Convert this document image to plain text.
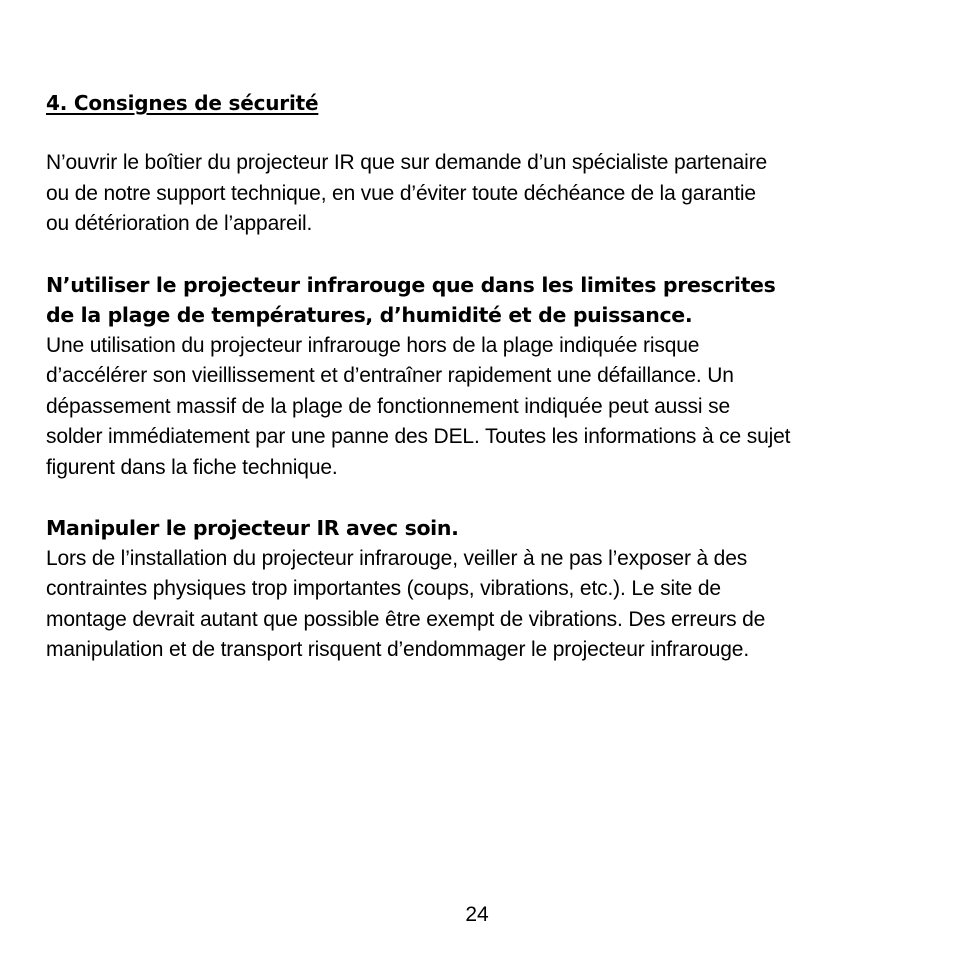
4. Consignes de sécurité
N’ouvrir le boîtier du projecteur IR que sur demande d’un spécialiste partenaire
ou de notre support technique, en vue d’éviter toute déchéance de la garantie
ou détérioration de l’appareil.
N’utiliser le projecteur infrarouge que dans les limites prescrites
de la plage de températures, d’humidité et de puissance.
Une utilisation du projecteur infrarouge hors de la plage indiquée risque
d’accélérer son vieillissement et d’entraîner rapidement une défaillance. Un
dépassement massif de la plage de fonctionnement indiquée peut aussi se
solder immédiatement par une panne des DEL. Toutes les informations à ce sujet
figurent dans la fiche technique.
Manipuler le projecteur IR avec soin.
Lors de l’installation du projecteur infrarouge, veiller à ne pas l’exposer à des
contraintes physiques trop importantes (coups, vibrations, etc.). Le site de
montage devrait autant que possible être exempt de vibrations. Des erreurs de
manipulation et de transport risquent d’endommager le projecteur infrarouge.
24
